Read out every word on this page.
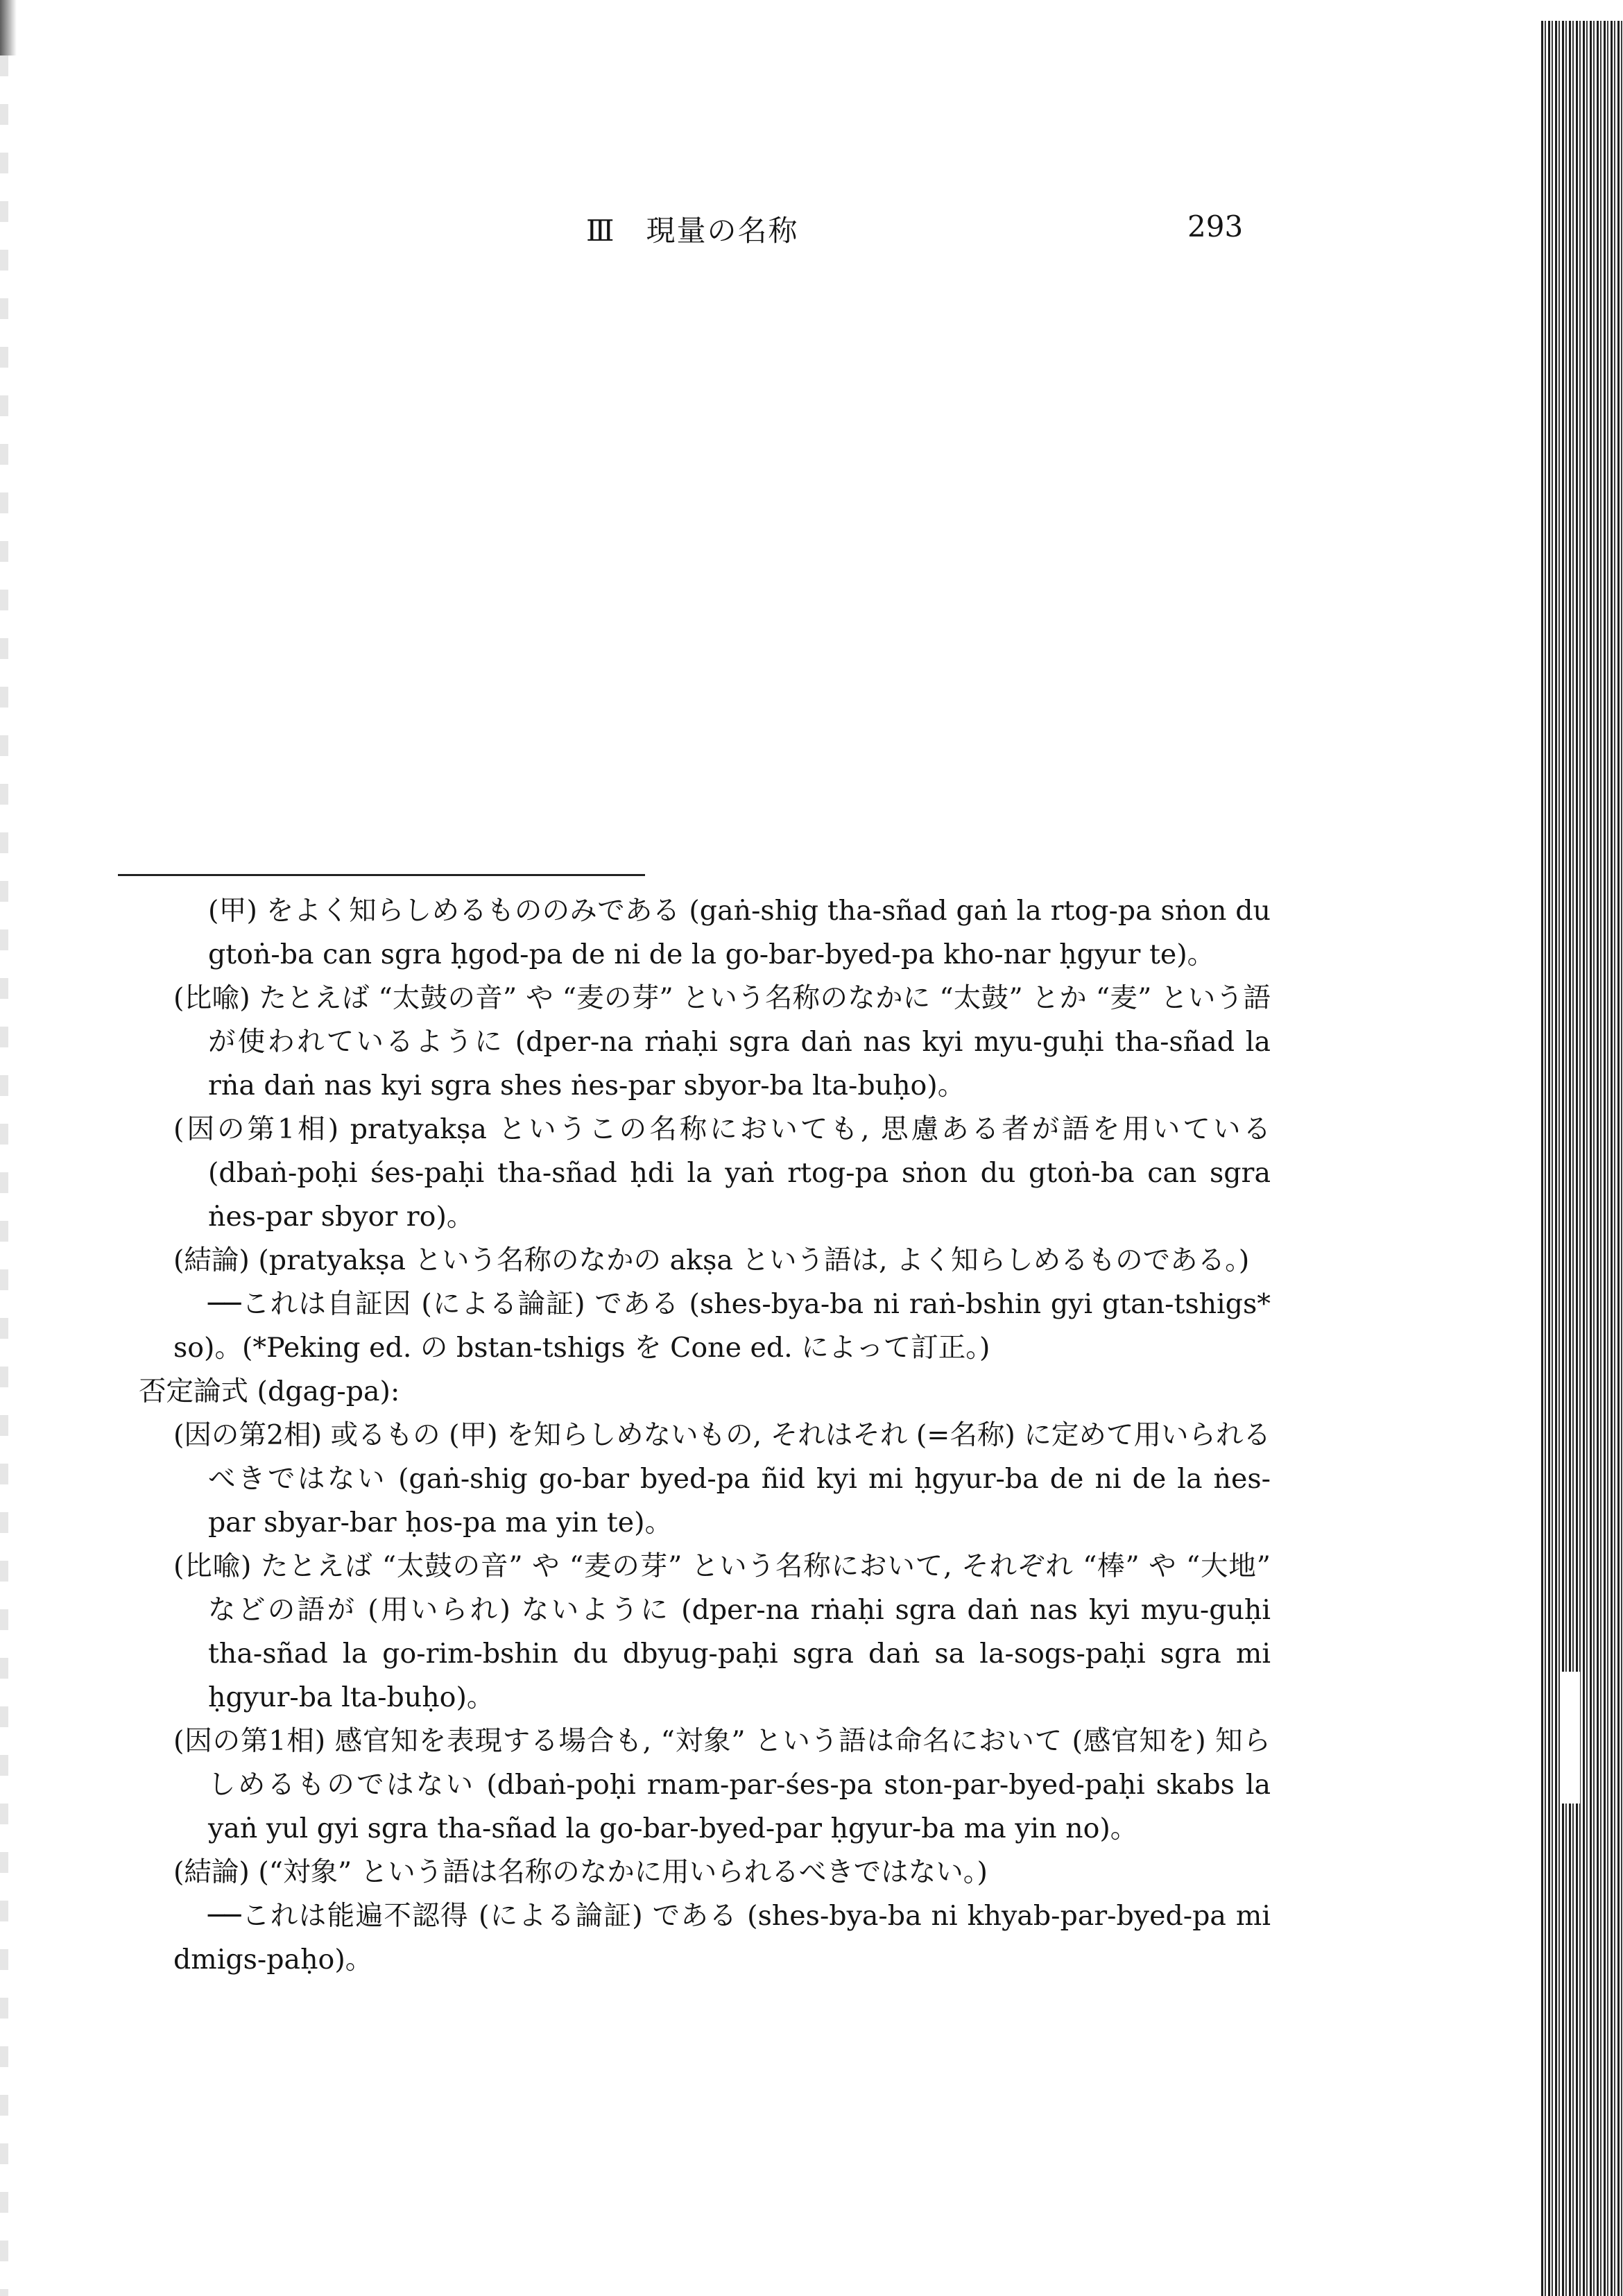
Ⅲ　現量の名称	293

(甲) をよく知らしめるもののみである (gaṅ-shig tha-sñad gaṅ la rtog-pa sṅon du gtoṅ-ba can sgra ḥgod-pa de ni de la go-bar-byed-pa kho-nar ḥgyur te)。

(比喩) たとえば “太鼓の音” や “麦の芽” という名称のなかに “太鼓” とか “麦” という語が使われているように (dper-na rṅaḥi sgra daṅ nas kyi myu-guḥi tha-sñad la rṅa daṅ nas kyi sgra shes ṅes-par sbyor-ba lta-buḥo)。

(因の第1相) pratyakṣa というこの名称においても, 思慮ある者が語を用いている (dbaṅ-poḥi śes-paḥi tha-sñad ḥdi la yaṅ rtog-pa sṅon du gtoṅ-ba can sgra ṅes-par sbyor ro)。

(結論) (pratyakṣa という名称のなかの akṣa という語は, よく知らしめるものである。)

──これは自証因 (による論証) である (shes-bya-ba ni raṅ-bshin gyi gtan-tshigs* so)。(*Peking ed. の bstan-tshigs を Cone ed. によって訂正。)

否定論式 (dgag-pa):

(因の第2相) 或るもの (甲) を知らしめないもの, それはそれ (=名称) に定めて用いられるべきではない (gaṅ-shig go-bar byed-pa ñid kyi mi ḥgyur-ba de ni de la ṅes-par sbyar-bar ḥos-pa ma yin te)。

(比喩) たとえば “太鼓の音” や “麦の芽” という名称において, それぞれ “棒” や “大地” などの語が (用いられ) ないように (dper-na rṅaḥi sgra daṅ nas kyi myu-guḥi tha-sñad la go-rim-bshin du dbyug-paḥi sgra daṅ sa la-sogs-paḥi sgra mi ḥgyur-ba lta-buḥo)。

(因の第1相) 感官知を表現する場合も, “対象” という語は命名において (感官知を) 知らしめるものではない (dbaṅ-poḥi rnam-par-śes-pa ston-par-byed-paḥi skabs la yaṅ yul gyi sgra tha-sñad la go-bar-byed-par ḥgyur-ba ma yin no)。

(結論) (“対象” という語は名称のなかに用いられるべきではない。)

──これは能遍不認得 (による論証) である (shes-bya-ba ni khyab-par-byed-pa mi dmigs-paḥo)。
